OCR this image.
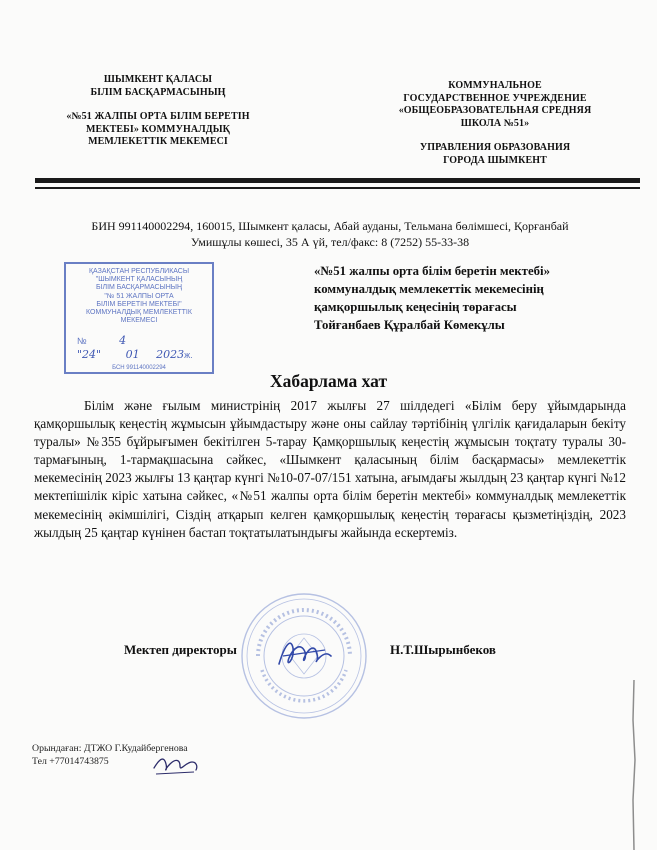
ШЫМКЕНТ ҚАЛАСЫ
БІЛІМ БАСҚАРМАСЫНЫҢ
«№51 ЖАЛПЫ ОРТА БІЛІМ БЕРЕТІН
МЕКТЕБІ» КОММУНАЛДЫҚ
МЕМЛЕКЕТТІК МЕКЕМЕСІ
КОММУНАЛЬНОЕ
ГОСУДАРСТВЕННОЕ УЧРЕЖДЕНИЕ
«ОБЩЕОБРАЗОВАТЕЛЬНАЯ СРЕДНЯЯ
ШКОЛА №51»
УПРАВЛЕНИЯ ОБРАЗОВАНИЯ
ГОРОДА ШЫМКЕНТ
БИН 991140002294, 160015, Шымкент қаласы, Абай ауданы, Тельмана бөлімшесі, Қорғанбай
Умишұлы көшесі, 35 А үй, тел/факс: 8 (7252) 55-33-38
ҚАЗАҚСТАН РЕСПУБЛИКАСЫ
"ШЫМКЕНТ ҚАЛАСЫНЫҢ
БІЛІМ БАСҚАРМАСЫНЫҢ
"№ 51 ЖАЛПЫ ОРТА
БІЛІМ БЕРЕТІН МЕКТЕБІ"
КОММУНАЛДЫҚ МЕМЛЕКЕТТІК
МЕКЕМЕСІ
№	4
"24" 01 2023ж.
БСН 991140002294
«№51 жалпы орта білім беретін мектебі»
коммуналдық мемлекеттік мекемесінің
қамқоршылық кеңесінің төрағасы
Тойғанбаев Құралбай Көмекұлы
Хабарлама хат
Білім және ғылым министрінің 2017 жылғы 27 шілдедегі «Білім беру ұйымдарында қамқоршылық кеңестің жұмысын ұйымдастыру және оны сайлау тәртібінің үлгілік қағидаларын бекіту туралы» №355 бұйрығымен бекітілген 5-тарау Қамқоршылық кеңестің жұмысын тоқтату туралы 30-тармағының, 1-тармақшасына сәйкес, «Шымкент қаласының білім басқармасы» мемлекеттік мекемесінің 2023 жылғы 13 қаңтар күнгі №10-07-07/151 хатына, ағымдағы жылдың 23 қаңтар күнгі №12 мектепішілік кіріс хатына сәйкес, «№51 жалпы орта білім беретін мектебі» коммуналдық мемлекеттік мекемесінің әкімшілігі, Сіздің атқарып келген қамқоршылық кеңестің төрағасы қызметіңіздің, 2023 жылдың 25 қаңтар күнінен бастап тоқтатылатындығы жайында ескертеміз.
Мектеп директоры	Н.Т.Шырынбеков
Орындаған: ДТЖО Г.Кудайбергенова
Тел +77014743875
